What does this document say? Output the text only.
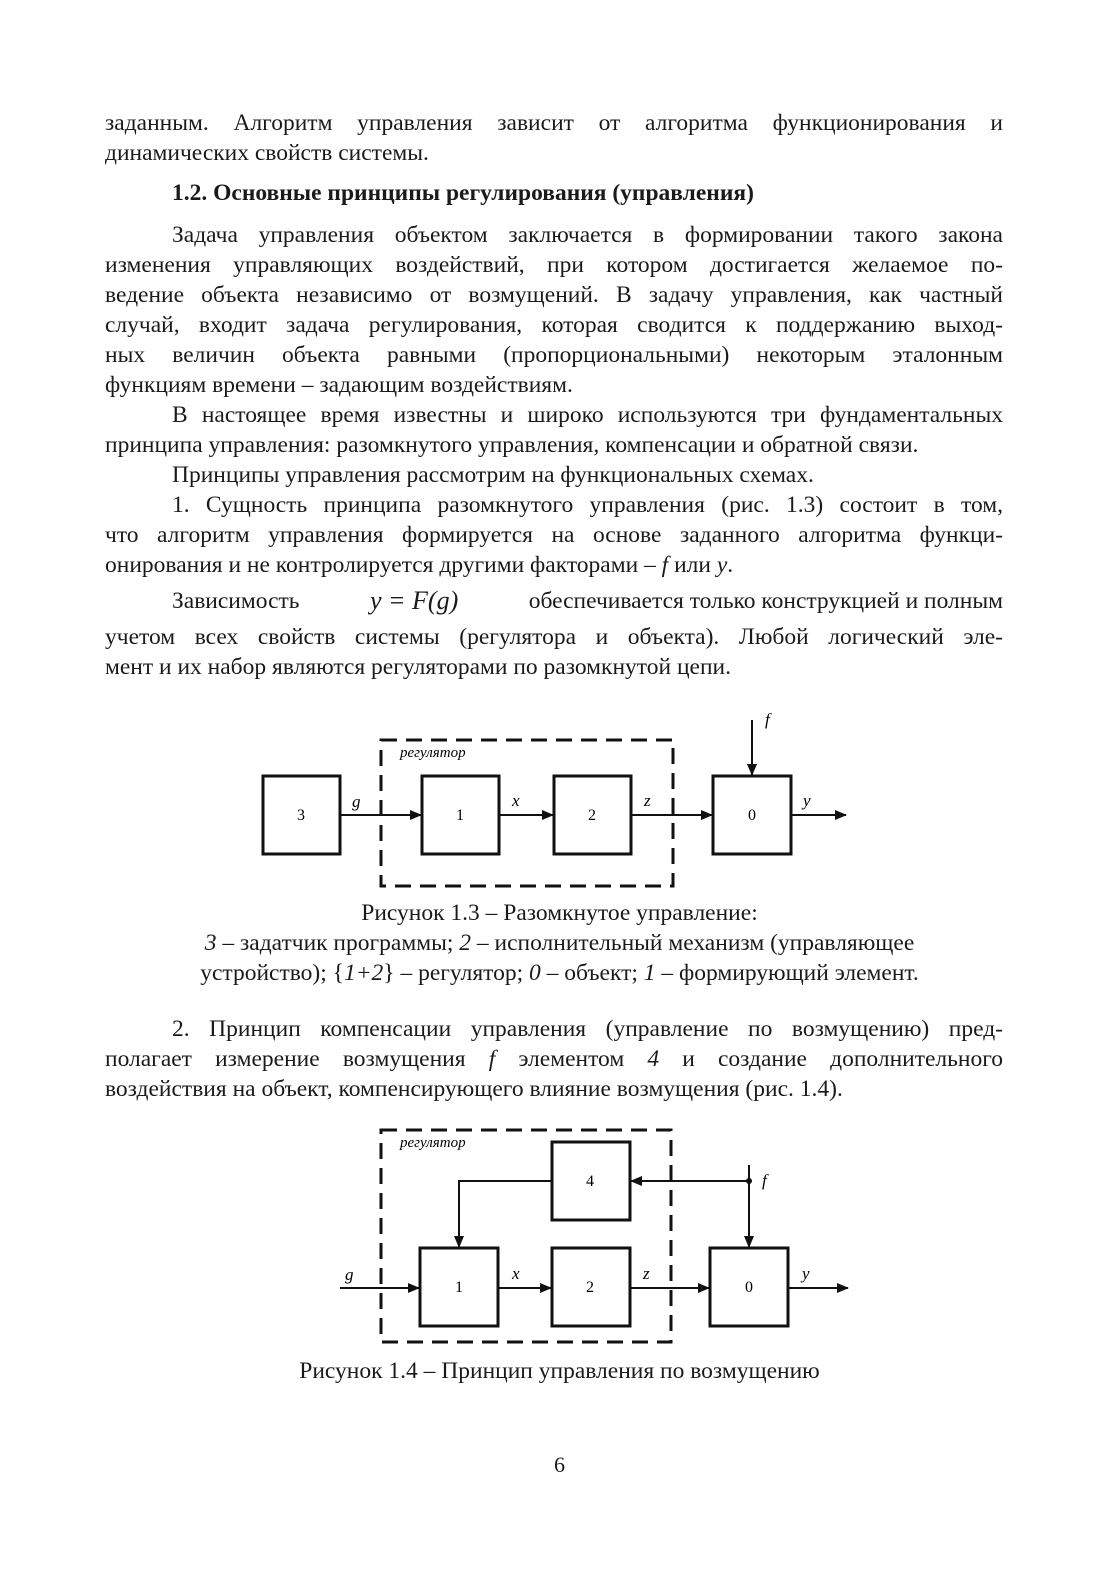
заданным. Алгоритм управления зависит от алгоритма функционирования и
динамических свойств системы.
1.2. Основные принципы регулирования (управления)
Задача управления объектом заключается в формировании такого закона
изменения управляющих воздействий, при котором достигается желаемое по-
ведение объекта независимо от возмущений. В задачу управления, как частный
случай, входит задача регулирования, которая сводится к поддержанию выход-
ных величин объекта равными (пропорциональными) некоторым эталонным
функциям времени – задающим воздействиям.
В настоящее время известны и широко используются три фундаментальных
принципа управления: разомкнутого управления, компенсации и обратной связи.
Принципы управления рассмотрим на функциональных схемах.
1. Сущность принципа разомкнутого управления (рис. 1.3) состоит в том,
что алгоритм управления формируется на основе заданного алгоритма функци-
онирования и не контролируется другими факторами – f или y.
Зависимость	y = F(g)	обеспечивается только конструкцией и полным
учетом всех свойств системы (регулятора и объекта). Любой логический эле-
мент и их набор являются регуляторами по разомкнутой цепи.
регулятор
3	1	2	0
g	x	z	y
f
регулятор
4
1	2	0
g	x	z	y
f
Рисунок 1.3 – Разомкнутое управление:
3 – задатчик программы; 2 – исполнительный механизм (управляющее
устройство); {1+2} – регулятор; 0 – объект; 1 – формирующий элемент.
2. Принцип компенсации управления (управление по возмущению) пред-
полагает измерение возмущения f элементом 4 и создание дополнительного
воздействия на объект, компенсирующего влияние возмущения (рис. 1.4).
Рисунок 1.4 – Принцип управления по возмущению
6
